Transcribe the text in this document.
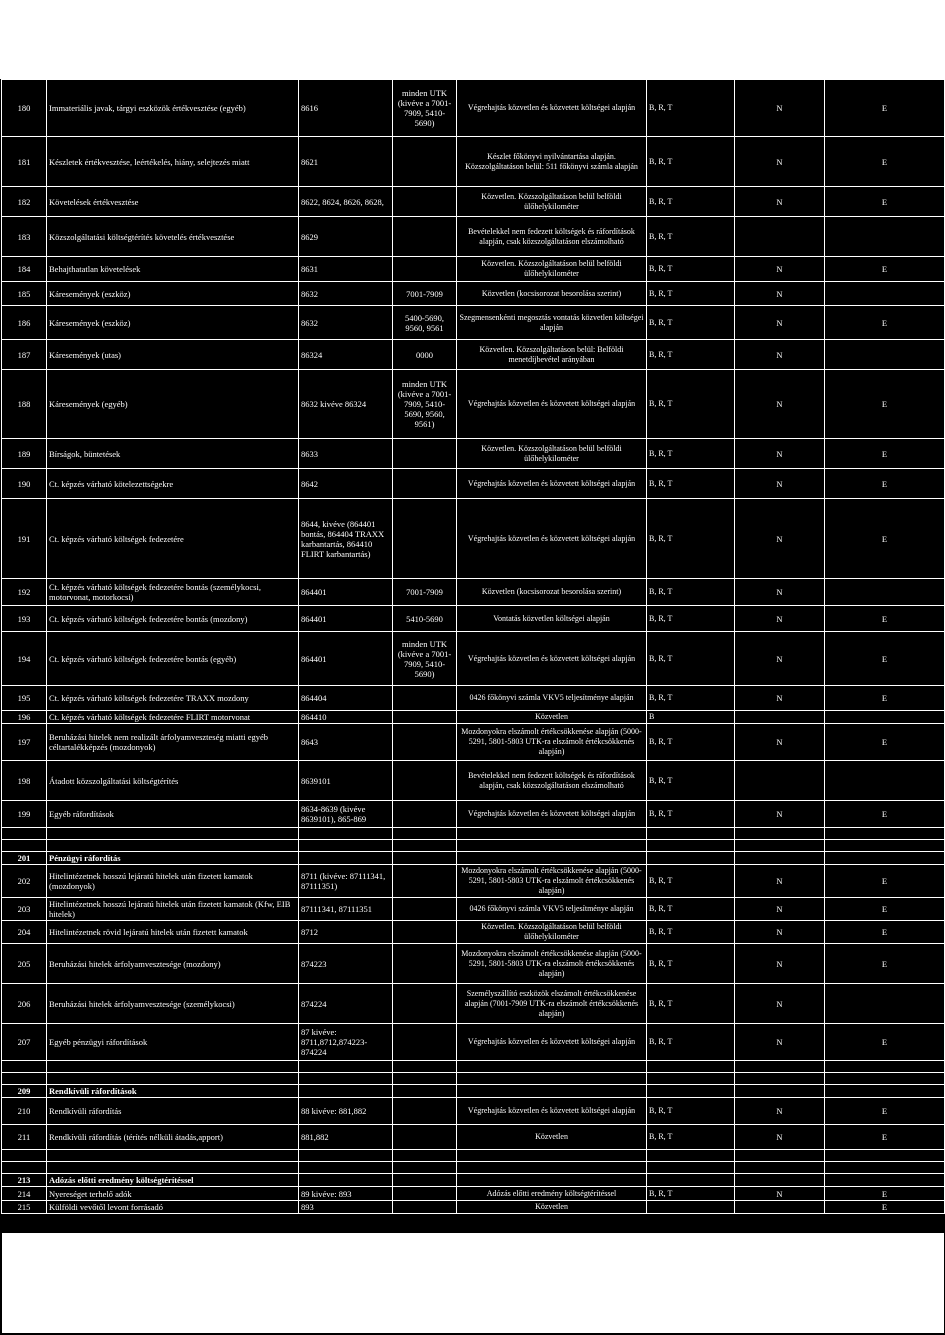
180	Immateriális javak, tárgyi eszközök értékvesztése (egyéb)	8616	minden UTK (kivéve a 7001-7909, 5410-5690)	Végrehajtás közvetlen és közvetett költségei alapján	B, R, T	N	E
181	Készletek értékvesztése, leértékelés, hiány, selejtezés miatt	8621		Készlet főkönyvi nyilvántartása alapján. Közszolgáltatáson belül: 511 főkönyvi számla alapján	B, R, T	N	E
182	Követelések értékvesztése	8622, 8624, 8626, 8628,		Közvetlen. Közszolgáltatáson belül belföldi ülőhelykilométer	B, R, T	N	E
183	Közszolgáltatási költségtérítés követelés értékvesztése	8629		Bevételekkel nem fedezett költségek és ráfordítások alapján, csak közszolgáltatáson elszámolható	B, R, T		
184	Behajthatatlan követelések	8631		Közvetlen. Közszolgáltatáson belül belföldi ülőhelykilométer	B, R, T	N	E
185	Káresemények (eszköz)	8632	7001-7909	Közvetlen (kocsisorozat besorolása szerint)	B, R, T	N	
186	Káresemények (eszköz)	8632	5400-5690, 9560, 9561	Szegmensenkénti megosztás vontatás közvetlen költségei alapján	B, R, T	N	E
187	Káresemények (utas)	86324	0000	Közvetlen. Közszolgáltatáson belül: Belföldi menetdíjbevétel arányában	B, R, T	N	
188	Káresemények (egyéb)	8632 kivéve 86324	minden UTK (kivéve a 7001-7909, 5410-5690, 9560, 9561)	Végrehajtás közvetlen és közvetett költségei alapján	B, R, T	N	E
189	Bírságok, büntetések	8633		Közvetlen. Közszolgáltatáson belül belföldi ülőhelykilométer	B, R, T	N	E
190	Ct. képzés várható kötelezettségekre	8642		Végrehajtás közvetlen és közvetett költségei alapján	B, R, T	N	E
191	Ct. képzés várható költségek fedezetére	8644, kivéve (864401 bontás, 864404 TRAXX karbantartás, 864410 FLIRT karbantartás)		Végrehajtás közvetlen és közvetett költségei alapján	B, R, T	N	E
192	Ct. képzés várható költségek fedezetére bontás (személykocsi, motorvonat, motorkocsi)	864401	7001-7909	Közvetlen (kocsisorozat besorolása szerint)	B, R, T	N	
193	Ct. képzés várható költségek fedezetére bontás (mozdony)	864401	5410-5690	Vontatás közvetlen költségei alapján	B, R, T	N	E
194	Ct. képzés várható költségek fedezetére bontás (egyéb)	864401	minden UTK (kivéve a 7001-7909, 5410-5690)	Végrehajtás közvetlen és közvetett költségei alapján	B, R, T	N	E
195	Ct. képzés várható költségek fedezetére TRAXX mozdony	864404		0426 főkönyvi számla VKV5 teljesítménye alapján	B, R, T	N	E
196	Ct. képzés várható költségek fedezetére FLIRT motorvonat	864410		Közvetlen	B		
197	Beruházási hitelek nem realizált árfolyamveszteség miatti egyéb céltartalékképzés (mozdonyok)	8643		Mozdonyokra elszámolt értékcsökkenése alapján (5000-5291, 5801-5803 UTK-ra elszámolt értékcsökkenés alapján)	B, R, T	N	E
198	Átadott közszolgáltatási költségtérítés	8639101		Bevételekkel nem fedezett költségek és ráfordítások alapján, csak közszolgáltatáson elszámolható	B, R, T		
199	Egyéb ráfordítások	8634-8639 (kivéve 8639101), 865-869		Végrehajtás közvetlen és közvetett költségei alapján	B, R, T	N	E

201	Pénzügyi ráfordítás						
202	Hitelintézetnek hosszú lejáratú hitelek után fizetett kamatok (mozdonyok)	8711 (kivéve: 87111341, 87111351)		Mozdonyokra elszámolt értékcsökkenése alapján (5000-5291, 5801-5803 UTK-ra elszámolt értékcsökkenés alapján)	B, R, T	N	E
203	Hitelintézetnek hosszú lejáratú hitelek után fizetett kamatok (Kfw, EIB hitelek)	87111341, 87111351		0426 főkönyvi számla VKV5 teljesítménye alapján	B, R, T	N	E
204	Hitelintézetnek rövid lejáratú hitelek után fizetett kamatok	8712		Közvetlen. Közszolgáltatáson belül belföldi ülőhelykilométer	B, R, T	N	E
205	Beruházási hitelek árfolyamvesztesége (mozdony)	874223		Mozdonyokra elszámolt értékcsökkenése alapján (5000-5291, 5801-5803 UTK-ra elszámolt értékcsökkenés alapján)	B, R, T	N	E
206	Beruházási hitelek árfolyamvesztesége (személykocsi)	874224		Személyszállító eszközök elszámolt értékcsökkenése alapján (7001-7909 UTK-ra elszámolt értékcsökkenés alapján)	B, R, T	N	
207	Egyéb pénzügyi ráfordítások	87 kivéve: 8711,8712,874223-874224		Végrehajtás közvetlen és közvetett költségei alapján	B, R, T	N	E

209	Rendkívüli ráfordítások						
210	Rendkívüli ráfordítás	88 kivéve: 881,882		Végrehajtás közvetlen és közvetett költségei alapján	B, R, T	N	E
211	Rendkívüli ráfordítás (térítés nélküli átadás,apport)	881,882		Közvetlen	B, R, T	N	E

213	Adózás előtti eredmény költségtérítéssel						
214	Nyereséget terhelő adók	89 kivéve: 893		Adózás előtti eredmény költségtérítéssel	B, R, T	N	E
215	Külföldi vevőtől levont forrásadó	893		Közvetlen			E
